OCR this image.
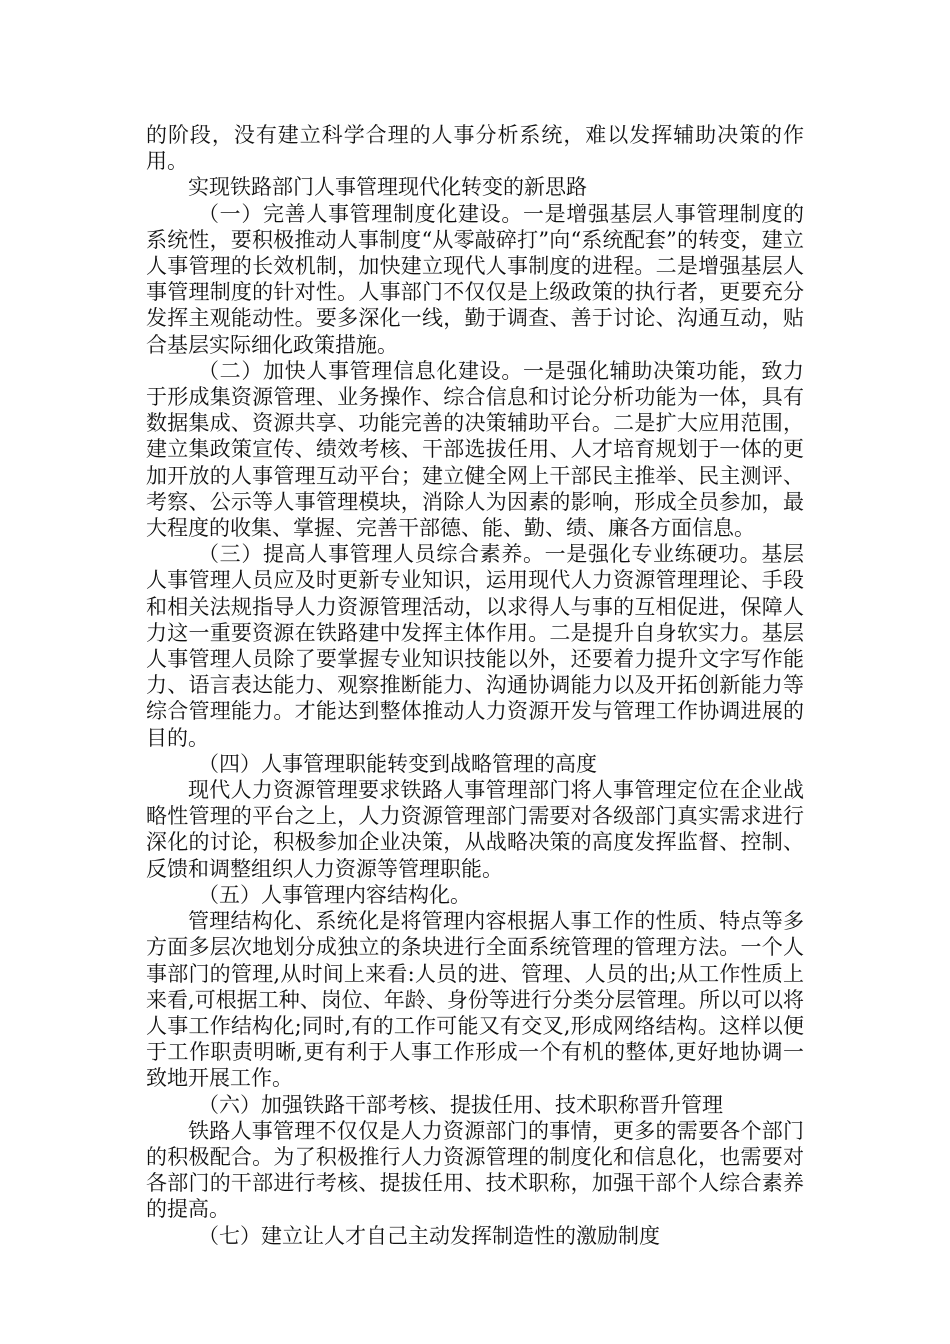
的阶段，没有建立科学合理的人事分析系统，难以发挥辅助决策的作用。

实现铁路部门人事管理现代化转变的新思路

（一）完善人事管理制度化建设。一是增强基层人事管理制度的系统性，要积极推动人事制度“从零敲碎打”向“系统配套”的转变，建立人事管理的长效机制，加快建立现代人事制度的进程。二是增强基层人事管理制度的针对性。人事部门不仅仅是上级政策的执行者，更要充分发挥主观能动性。要多深化一线，勤于调查、善于讨论、沟通互动，贴合基层实际细化政策措施。

（二）加快人事管理信息化建设。一是强化辅助决策功能，致力于形成集资源管理、业务操作、综合信息和讨论分析功能为一体，具有数据集成、资源共享、功能完善的决策辅助平台。二是扩大应用范围，建立集政策宣传、绩效考核、干部选拔任用、人才培育规划于一体的更加开放的人事管理互动平台；建立健全网上干部民主推举、民主测评、考察、公示等人事管理模块，消除人为因素的影响，形成全员参加，最大程度的收集、掌握、完善干部德、能、勤、绩、廉各方面信息。

（三）提高人事管理人员综合素养。一是强化专业练硬功。基层人事管理人员应及时更新专业知识，运用现代人力资源管理理论、手段和相关法规指导人力资源管理活动，以求得人与事的互相促进，保障人力这一重要资源在铁路建中发挥主体作用。二是提升自身软实力。基层人事管理人员除了要掌握专业知识技能以外，还要着力提升文字写作能力、语言表达能力、观察推断能力、沟通协调能力以及开拓创新能力等综合管理能力。才能达到整体推动人力资源开发与管理工作协调进展的目的。

（四）人事管理职能转变到战略管理的高度

现代人力资源管理要求铁路人事管理部门将人事管理定位在企业战略性管理的平台之上，人力资源管理部门需要对各级部门真实需求进行深化的讨论，积极参加企业决策，从战略决策的高度发挥监督、控制、反馈和调整组织人力资源等管理职能。

（五）人事管理内容结构化。

管理结构化、系统化是将管理内容根据人事工作的性质、特点等多方面多层次地划分成独立的条块进行全面系统管理的管理方法。一个人事部门的管理,从时间上来看:人员的进、管理、人员的出;从工作性质上来看,可根据工种、岗位、年龄、身份等进行分类分层管理。所以可以将人事工作结构化;同时,有的工作可能又有交叉,形成网络结构。这样以便于工作职责明晰,更有利于人事工作形成一个有机的整体,更好地协调一致地开展工作。

（六）加强铁路干部考核、提拔任用、技术职称晋升管理

铁路人事管理不仅仅是人力资源部门的事情，更多的需要各个部门的积极配合。为了积极推行人力资源管理的制度化和信息化，也需要对各部门的干部进行考核、提拔任用、技术职称，加强干部个人综合素养的提高。

（七）建立让人才自己主动发挥制造性的激励制度
